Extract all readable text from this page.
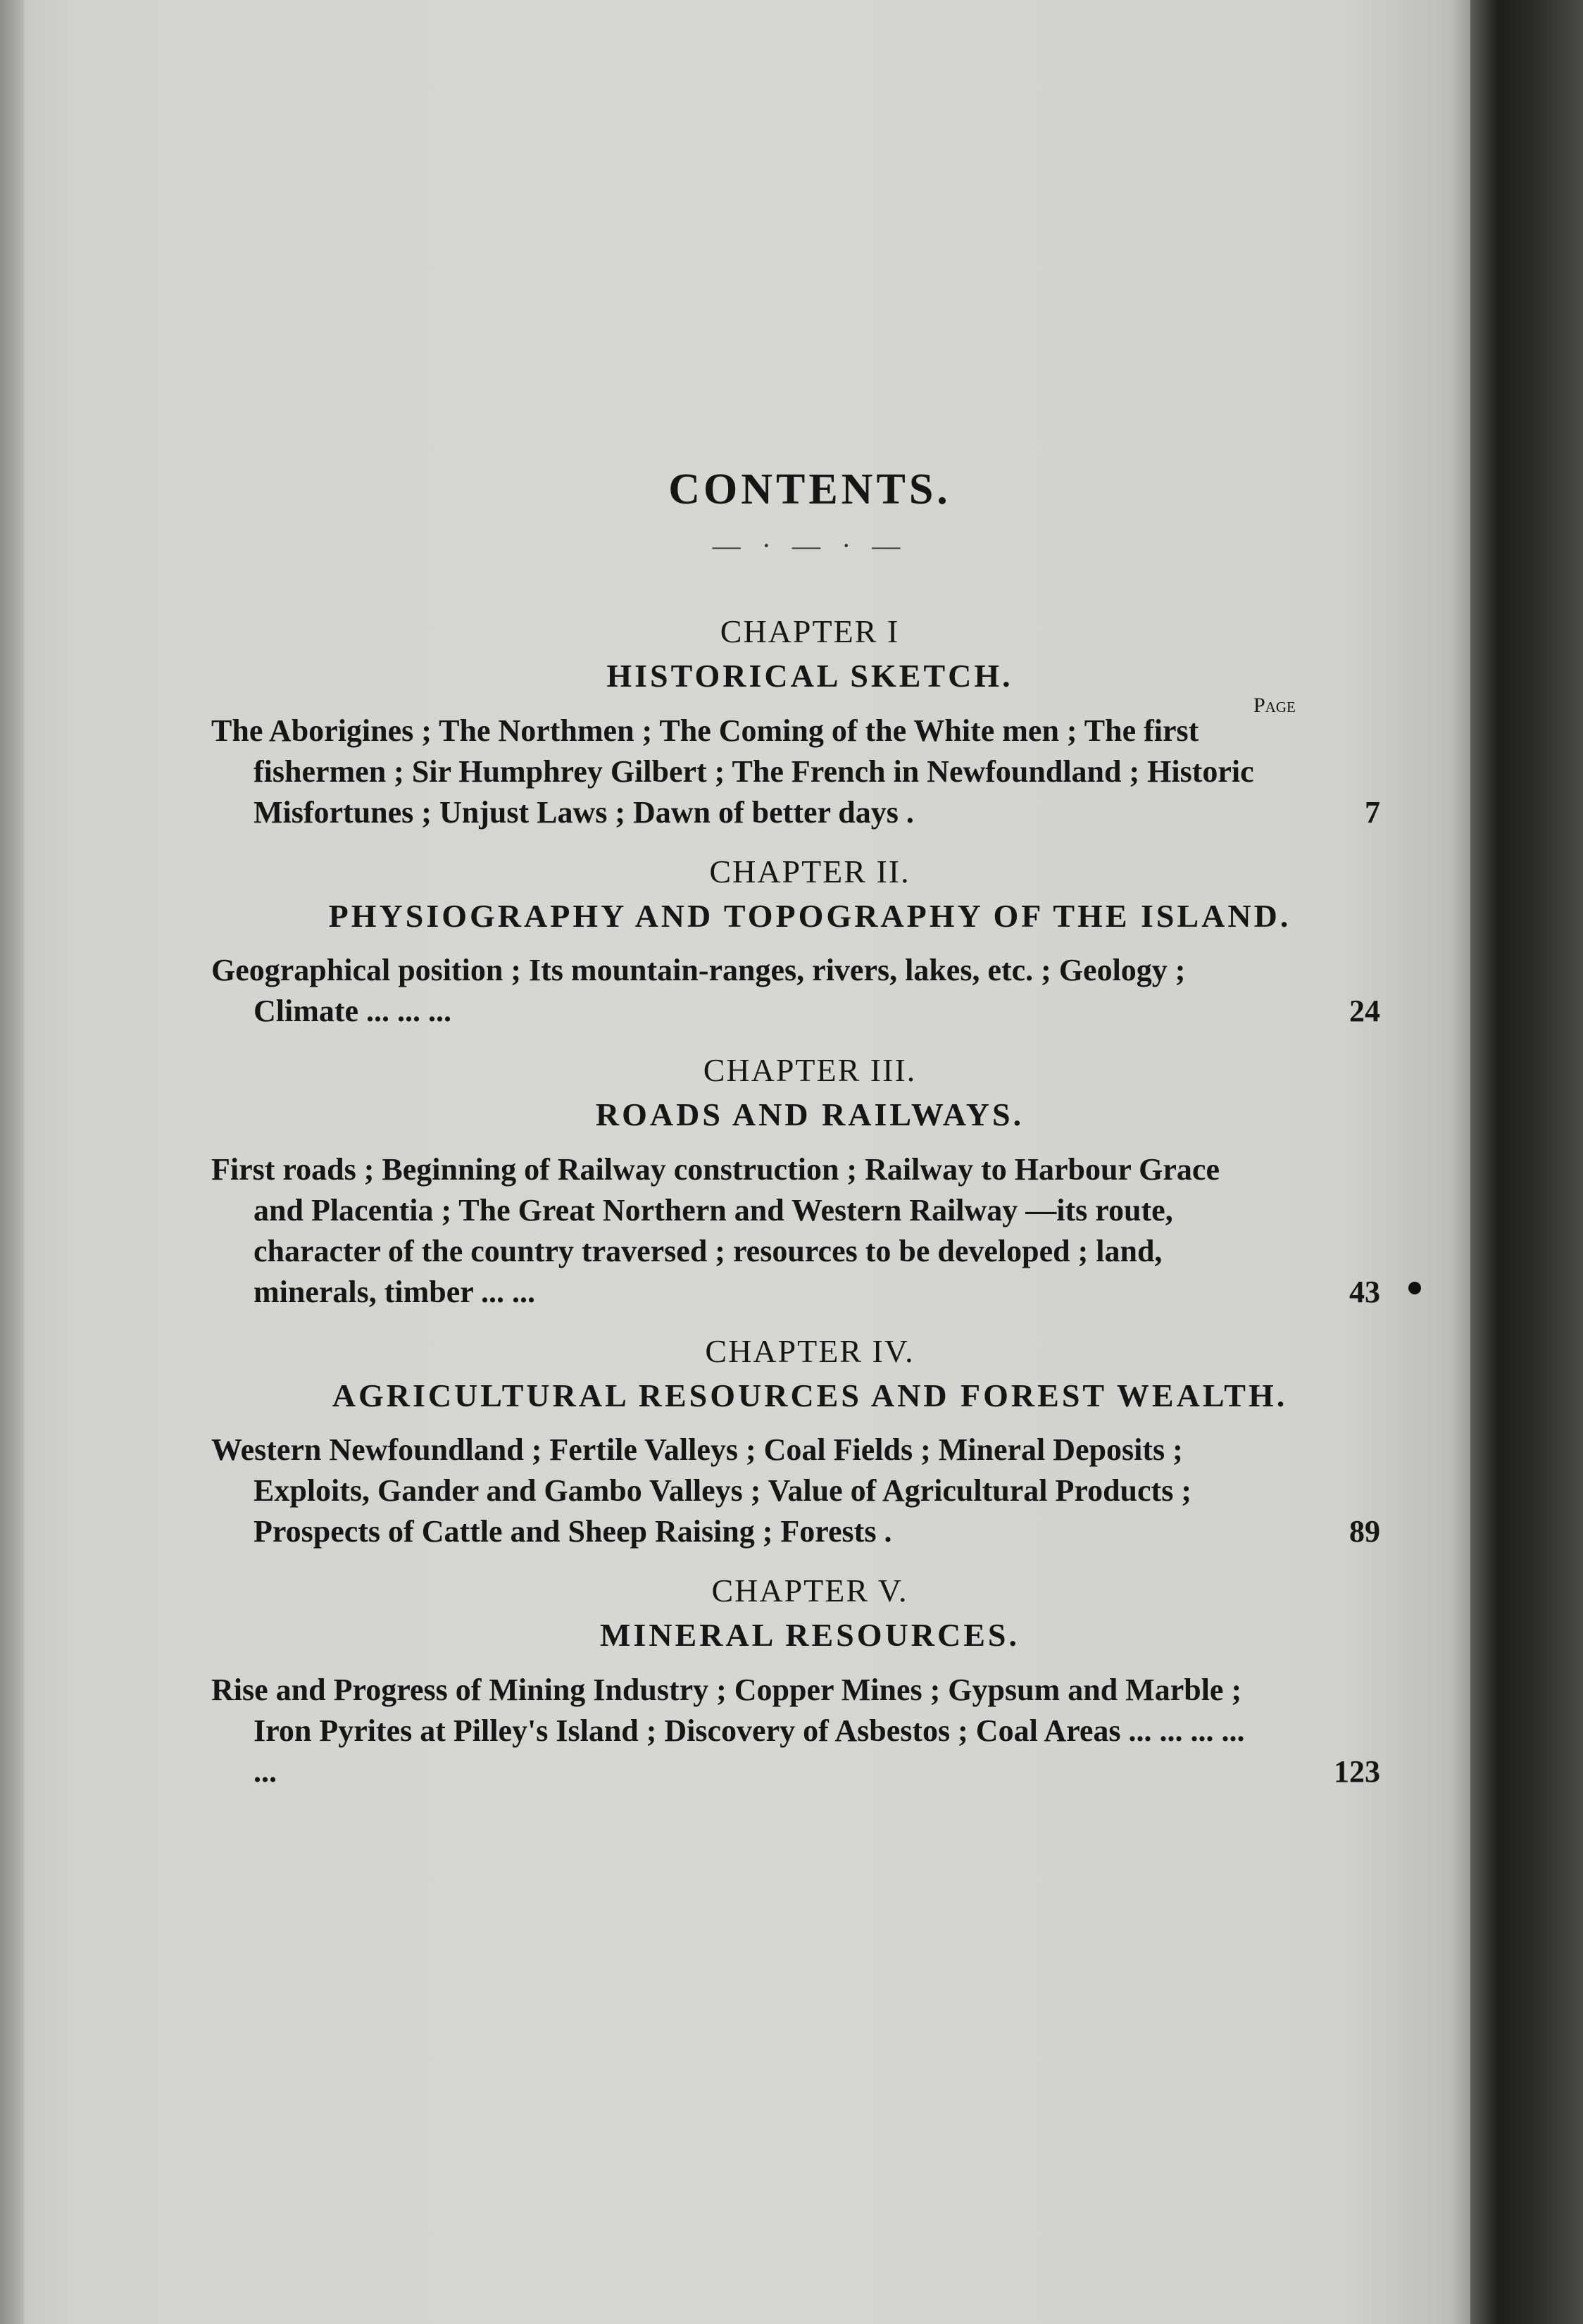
CONTENTS.
— · — · —
Page
CHAPTER I
HISTORICAL SKETCH.
The Aborigines ; The Northmen ; The Coming of the White men ; The first fishermen ; Sir Humphrey Gilbert ; The French in Newfoundland ; Historic Misfortunes ; Unjust Laws ; Dawn of better days .	7
CHAPTER II.
PHYSIOGRAPHY AND TOPOGRAPHY OF THE ISLAND.
Geographical position ; Its mountain-ranges, rivers, lakes, etc. ; Geology ; Climate ... ... ...	24
CHAPTER III.
ROADS AND RAILWAYS.
First roads ; Beginning of Railway construction ; Railway to Harbour Grace and Placentia ; The Great Northern and Western Railway —its route, character of the country traversed ; resources to be developed ; land, minerals, timber ... ...	43
CHAPTER IV.
AGRICULTURAL RESOURCES AND FOREST WEALTH.
Western Newfoundland ; Fertile Valleys ; Coal Fields ; Mineral Deposits ; Exploits, Gander and Gambo Valleys ; Value of Agricultural Products ; Prospects of Cattle and Sheep Raising ; Forests .	89
CHAPTER V.
MINERAL RESOURCES.
Rise and Progress of Mining Industry ; Copper Mines ; Gypsum and Marble ; Iron Pyrites at Pilley's Island ; Discovery of Asbestos ; Coal Areas ... ... ... ... ...	123
